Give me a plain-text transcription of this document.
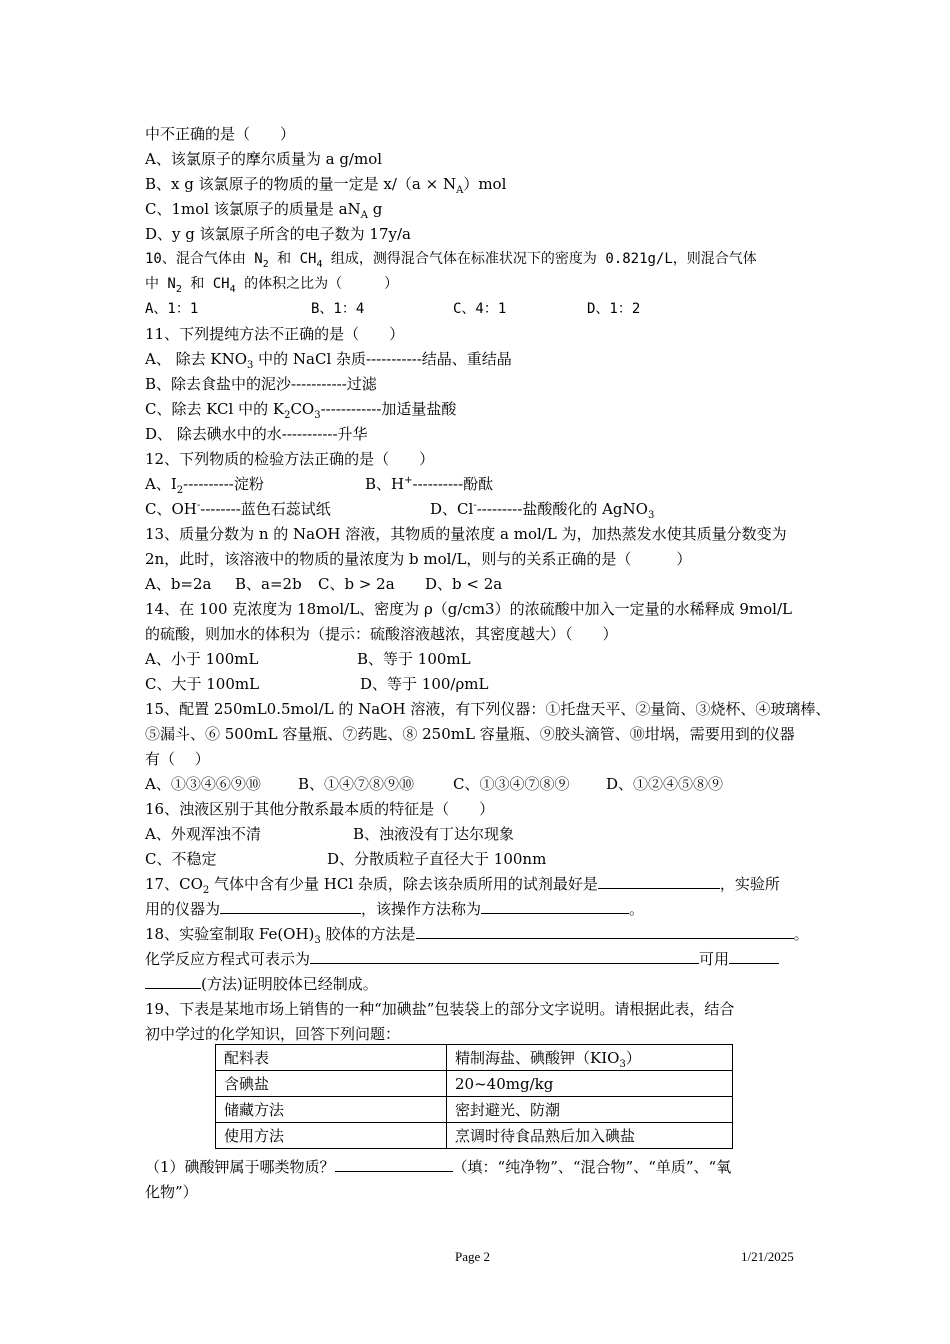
中不正确的是（　　）
A、该氯原子的摩尔质量为 a g/mol
B、x g 该氯原子的物质的量一定是 $x/(a \times N_A)mol$
C、1mol 该氯原子的质量是 $aN_A$ g
D、y g 该氯原子所含的电子数为 17y/a
10、混合气体由 $N_2$ 和 $CH_4$ 组成，测得混合气体在标准状况下的密度为 0.821g/L，则混合气体
中 $N_2$ 和 $CH_4$ 的体积之比为（　　　）
A、1：1	B、1：4	C、4：1	D、1：2
11、下列提纯方法不正确的是（　　）
A、 除去 $KNO_3$ 中的 NaCl 杂质-----------结晶、重结晶
B、除去食盐中的泥沙-----------过滤
C、除去 KCl 中的 $K_2CO_3------------$加适量盐酸
D、 除去碘水中的水-----------升华
12、下列物质的检验方法正确的是（　　）
A、$I_2----------$淀粉	B、H+----------酚酞
C、OH---------蓝色石蕊试纸	D、Cl----------盐酸酸化的 AgNO$_3$
13、质量分数为 n 的 NaOH 溶液，其物质的量浓度 a mol/L 为，加热蒸发水使其质量分数变为
2n，此时，该溶液中的物质的量浓度为 b mol/L，则与的关系正确的是（　　　）
A、b=2a B、a=2b C、b > 2a D、b < 2a
14、在 100 克浓度为 18mol/L、密度为 ρ（g/cm3）的浓硫酸中加入一定量的水稀释成 9mol/L
的硫酸，则加水的体积为（提示：硫酸溶液越浓，其密度越大）（　　）
A、小于 100mL	B、等于 100mL
C、大于 100mL	D、等于 100/ρmL
15、配置 250mL0.5mol/L 的 NaOH 溶液，有下列仪器：①托盘天平、②量筒、③烧杯、④玻璃棒、
⑤漏斗、⑥ 500mL 容量瓶、⑦药匙、⑧ 250mL 容量瓶、⑨胶头滴管、⑩坩埚，需要用到的仪器
有（　 ）
A、①③④⑥⑨⑩ B、①④⑦⑧⑨⑩	C、①③④⑦⑧⑨ D、①②④⑤⑧⑨
16、浊液区别于其他分散系最本质的特征是（　　）
A、外观浑浊不清	B、浊液没有丁达尔现象
C、不稳定	D、分散质粒子直径大于 100nm
17、$CO_2$ 气体中含有少量 HCl 杂质，除去该杂质所用的试剂最好是	，实验所
用的仪器为	，该操作方法称为	。
18、实验室制取 $Fe(OH)_3$ 胶体的方法是	。
化学反应方程式可表示为	可用
(方法)证明胶体已经制成。
19、下表是某地市场上销售的一种“加碘盐”包装袋上的部分文字说明。请根据此表，结合
初中学过的化学知识，回答下列问题：
配料表	精制海盐、碘酸钾$(KIO_3)$
含碘盐	20~40mg/kg
储藏方法	密封避光、防潮
使用方法	烹调时待食品熟后加入碘盐
（1）碘酸钾属于哪类物质？	（填：“纯净物”、“混合物”、“单质”、“氧
化物”）
Page 2	1/21/2025
